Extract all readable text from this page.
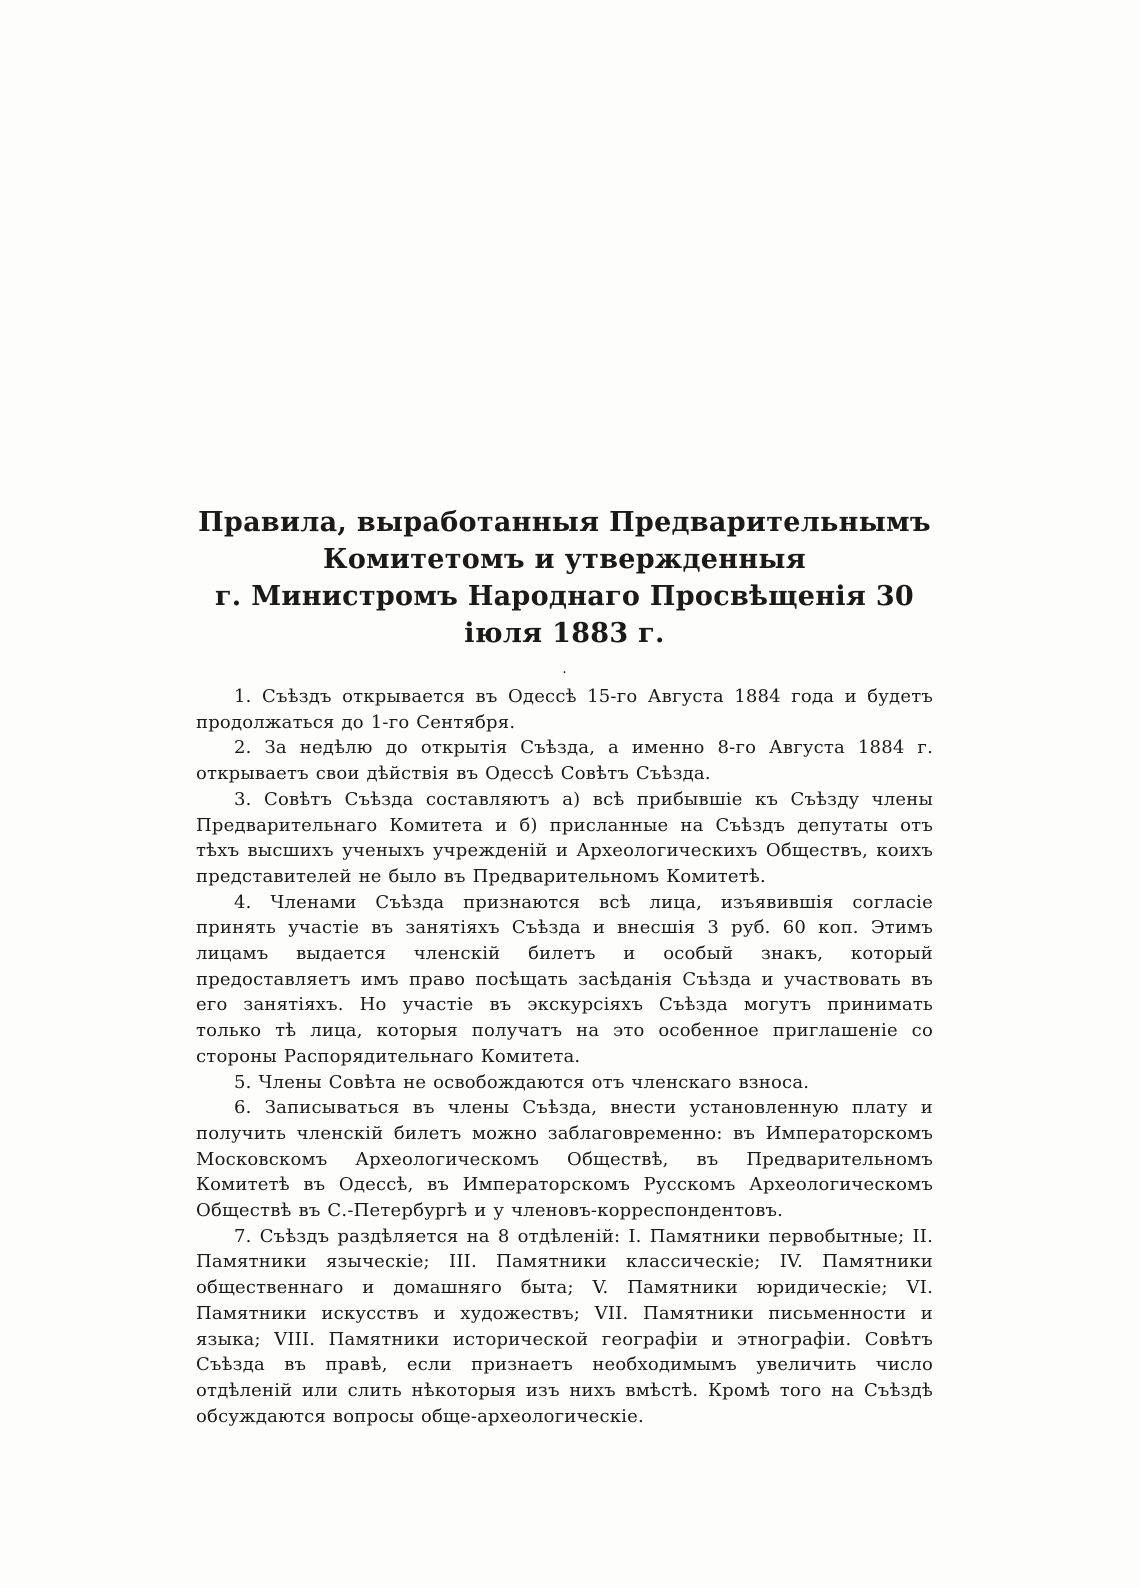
Правила, выработанныя Предварительнымъ Комитетомъ и утвержденныя
г. Министромъ Народнаго Просвѣщенія 30 іюля 1883 г.
.

1. Съѣздъ открывается въ Одессѣ 15-го Августа 1884 года и будетъ продолжаться до 1-го Сентября.

2. За недѣлю до открытія Съѣзда, а именно 8-го Августа 1884 г. открываетъ свои дѣйствія въ Одессѣ Совѣтъ Съѣзда.

3. Совѣтъ Съѣзда составляютъ а) всѣ прибывшіе къ Съѣзду члены Предварительнаго Комитета и б) присланные на Съѣздъ депутаты отъ тѣхъ высшихъ ученыхъ учрежденій и Археологическихъ Обществъ, коихъ представителей не было въ Предварительномъ Комитетѣ.

4. Членами Съѣзда признаются всѣ лица, изъявившія согласіе принять участіе въ занятіяхъ Съѣзда и внесшія 3 руб. 60 коп. Этимъ лицамъ выдается членскій билетъ и особый знакъ, который предоставляетъ имъ право посѣщать засѣданія Съѣзда и участвовать въ его занятіяхъ. Но участіе въ экскурсіяхъ Съѣзда могутъ принимать только тѣ лица, которыя получатъ на это особенное приглашеніе со стороны Распорядительнаго Комитета.

5. Члены Совѣта не освобождаются отъ членскаго взноса.

6. Записываться въ члены Съѣзда, внести установленную плату и получить членскій билетъ можно заблаговременно: въ Императорскомъ Московскомъ Археологическомъ Обществѣ, въ Предварительномъ Комитетѣ въ Одессѣ, въ Императорскомъ Русскомъ Археологическомъ Обществѣ въ С.-Петербургѣ и у членовъ-корреспондентовъ.

7. Съѣздъ раздѣляется на 8 отдѣленій: I. Памятники первобытные; II. Памятники языческіе; III. Памятники классическіе; IV. Памятники общественнаго и домашняго быта; V. Памятники юридическіе; VI. Памятники искусствъ и художествъ; VII. Памятники письменности и языка; VIII. Памятники исторической географіи и этнографіи. Совѣтъ Съѣзда въ правѣ, если признаетъ необходимымъ увеличить число отдѣленій или слить нѣкоторыя изъ нихъ вмѣстѣ. Кромѣ того на Съѣздѣ обсуждаются вопросы обще-археологическіе.
